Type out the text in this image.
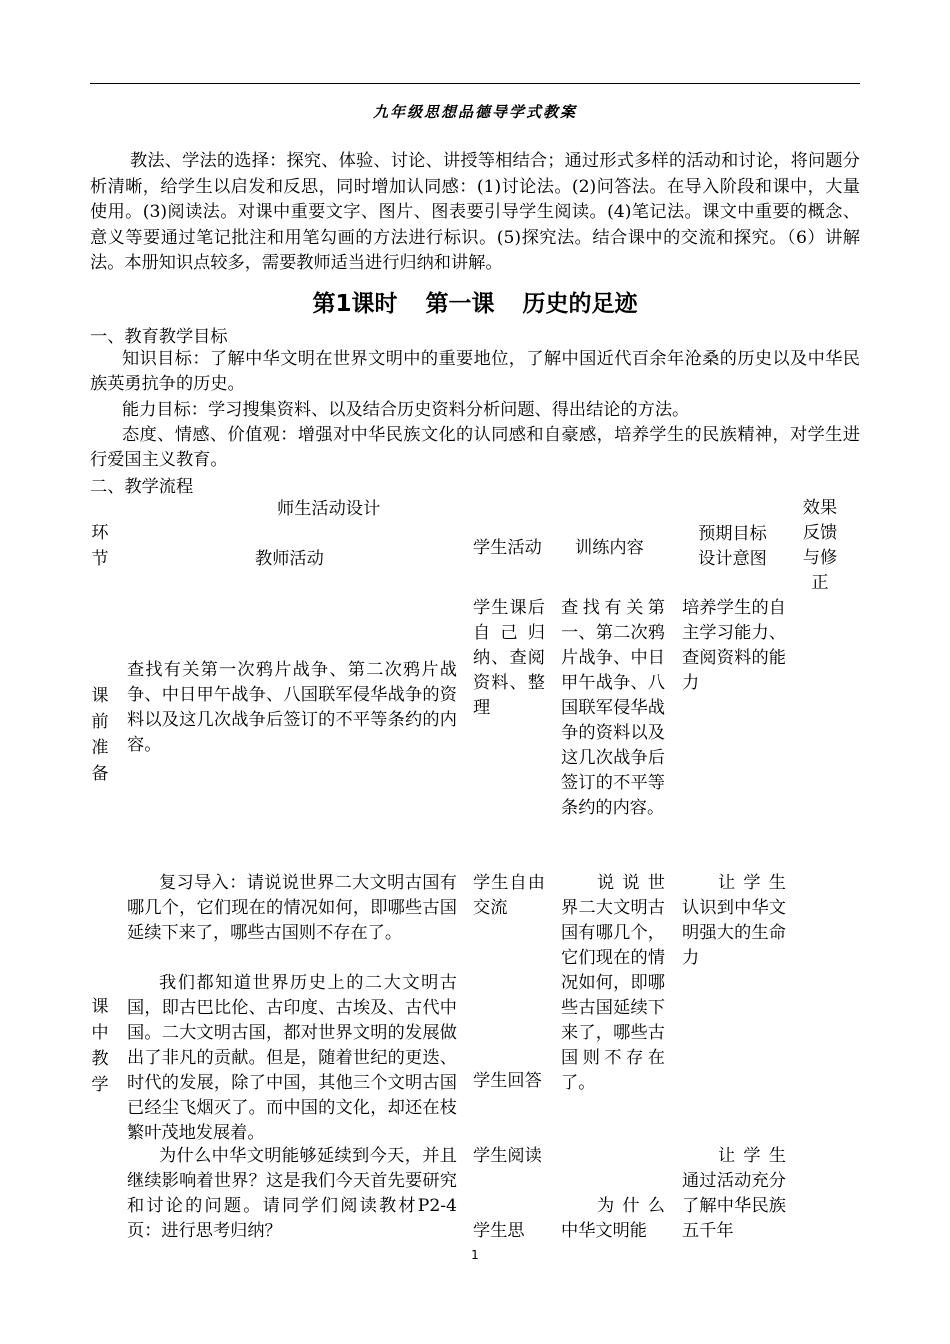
九年级思想品德导学式教案
教法、学法的选择：探究、体验、讨论、讲授等相结合；通过形式多样的活动和讨论，将问题分析清晰，给学生以启发和反思，同时增加认同感：(1)讨论法。(2)问答法。在导入阶段和课中，大量使用。(3)阅读法。对课中重要文字、图片、图表要引导学生阅读。(4)笔记法。课文中重要的概念、意义等要通过笔记批注和用笔勾画的方法进行标识。(5)探究法。结合课中的交流和探究。（6）讲解法。本册知识点较多，需要教师适当进行归纳和讲解。
第1课时 第一课 历史的足迹
一、教育教学目标
知识目标：了解中华文明在世界文明中的重要地位，了解中国近代百余年沧桑的历史以及中华民族英勇抗争的历史。
能力目标：学习搜集资料、以及结合历史资料分析问题、得出结论的方法。
态度、情感、价值观：增强对中华民族文化的认同感和自豪感，培养学生的民族精神，对学生进行爱国主义教育。
二、教学流程
师生活动设计
环节	教师活动
学生活动 训练内容
预期目标设计意图
效果反馈与修正
课前准备
查找有关第一次鸦片战争、第二次鸦片战争、中日甲午战争、八国联军侵华战争的资料以及这几次战争后签订的不平等条约的内容。
学生课后自己归纳、查阅资料、整理
查找有关第一、第二次鸦片战争、中日甲午战争、八国联军侵华战争的资料以及这几次战争后签订的不平等条约的内容。
培养学生的自主学习能力、查阅资料的能力
课中教学
复习导入：请说说世界二大文明古国有哪几个，它们现在的情况如何，即哪些古国延续下来了，哪些古国则不存在了。
我们都知道世界历史上的二大文明古国，即古巴比伦、古印度、古埃及、古代中国。二大文明古国，都对世界文明的发展做出了非凡的贡献。但是，随着世纪的更迭、时代的发展，除了中国，其他三个文明古国已经尘飞烟灭了。而中国的文化，却还在枝繁叶茂地发展着。
为什么中华文明能够延续到今天，并且继续影响着世界？这是我们今天首先要研究和讨论的问题。请同学们阅读教材P2-4页：进行思考归纳？
学生自由交流
学生回答
学生阅读
学生思
说说世界二大文明古国有哪几个，它们现在的情况如何，即哪些古国延续下来了，哪些古国则不存在了。
为什么中华文明能
让学生认识到中华文明强大的生命力
让学生通过活动充分了解中华民族五千年
1
